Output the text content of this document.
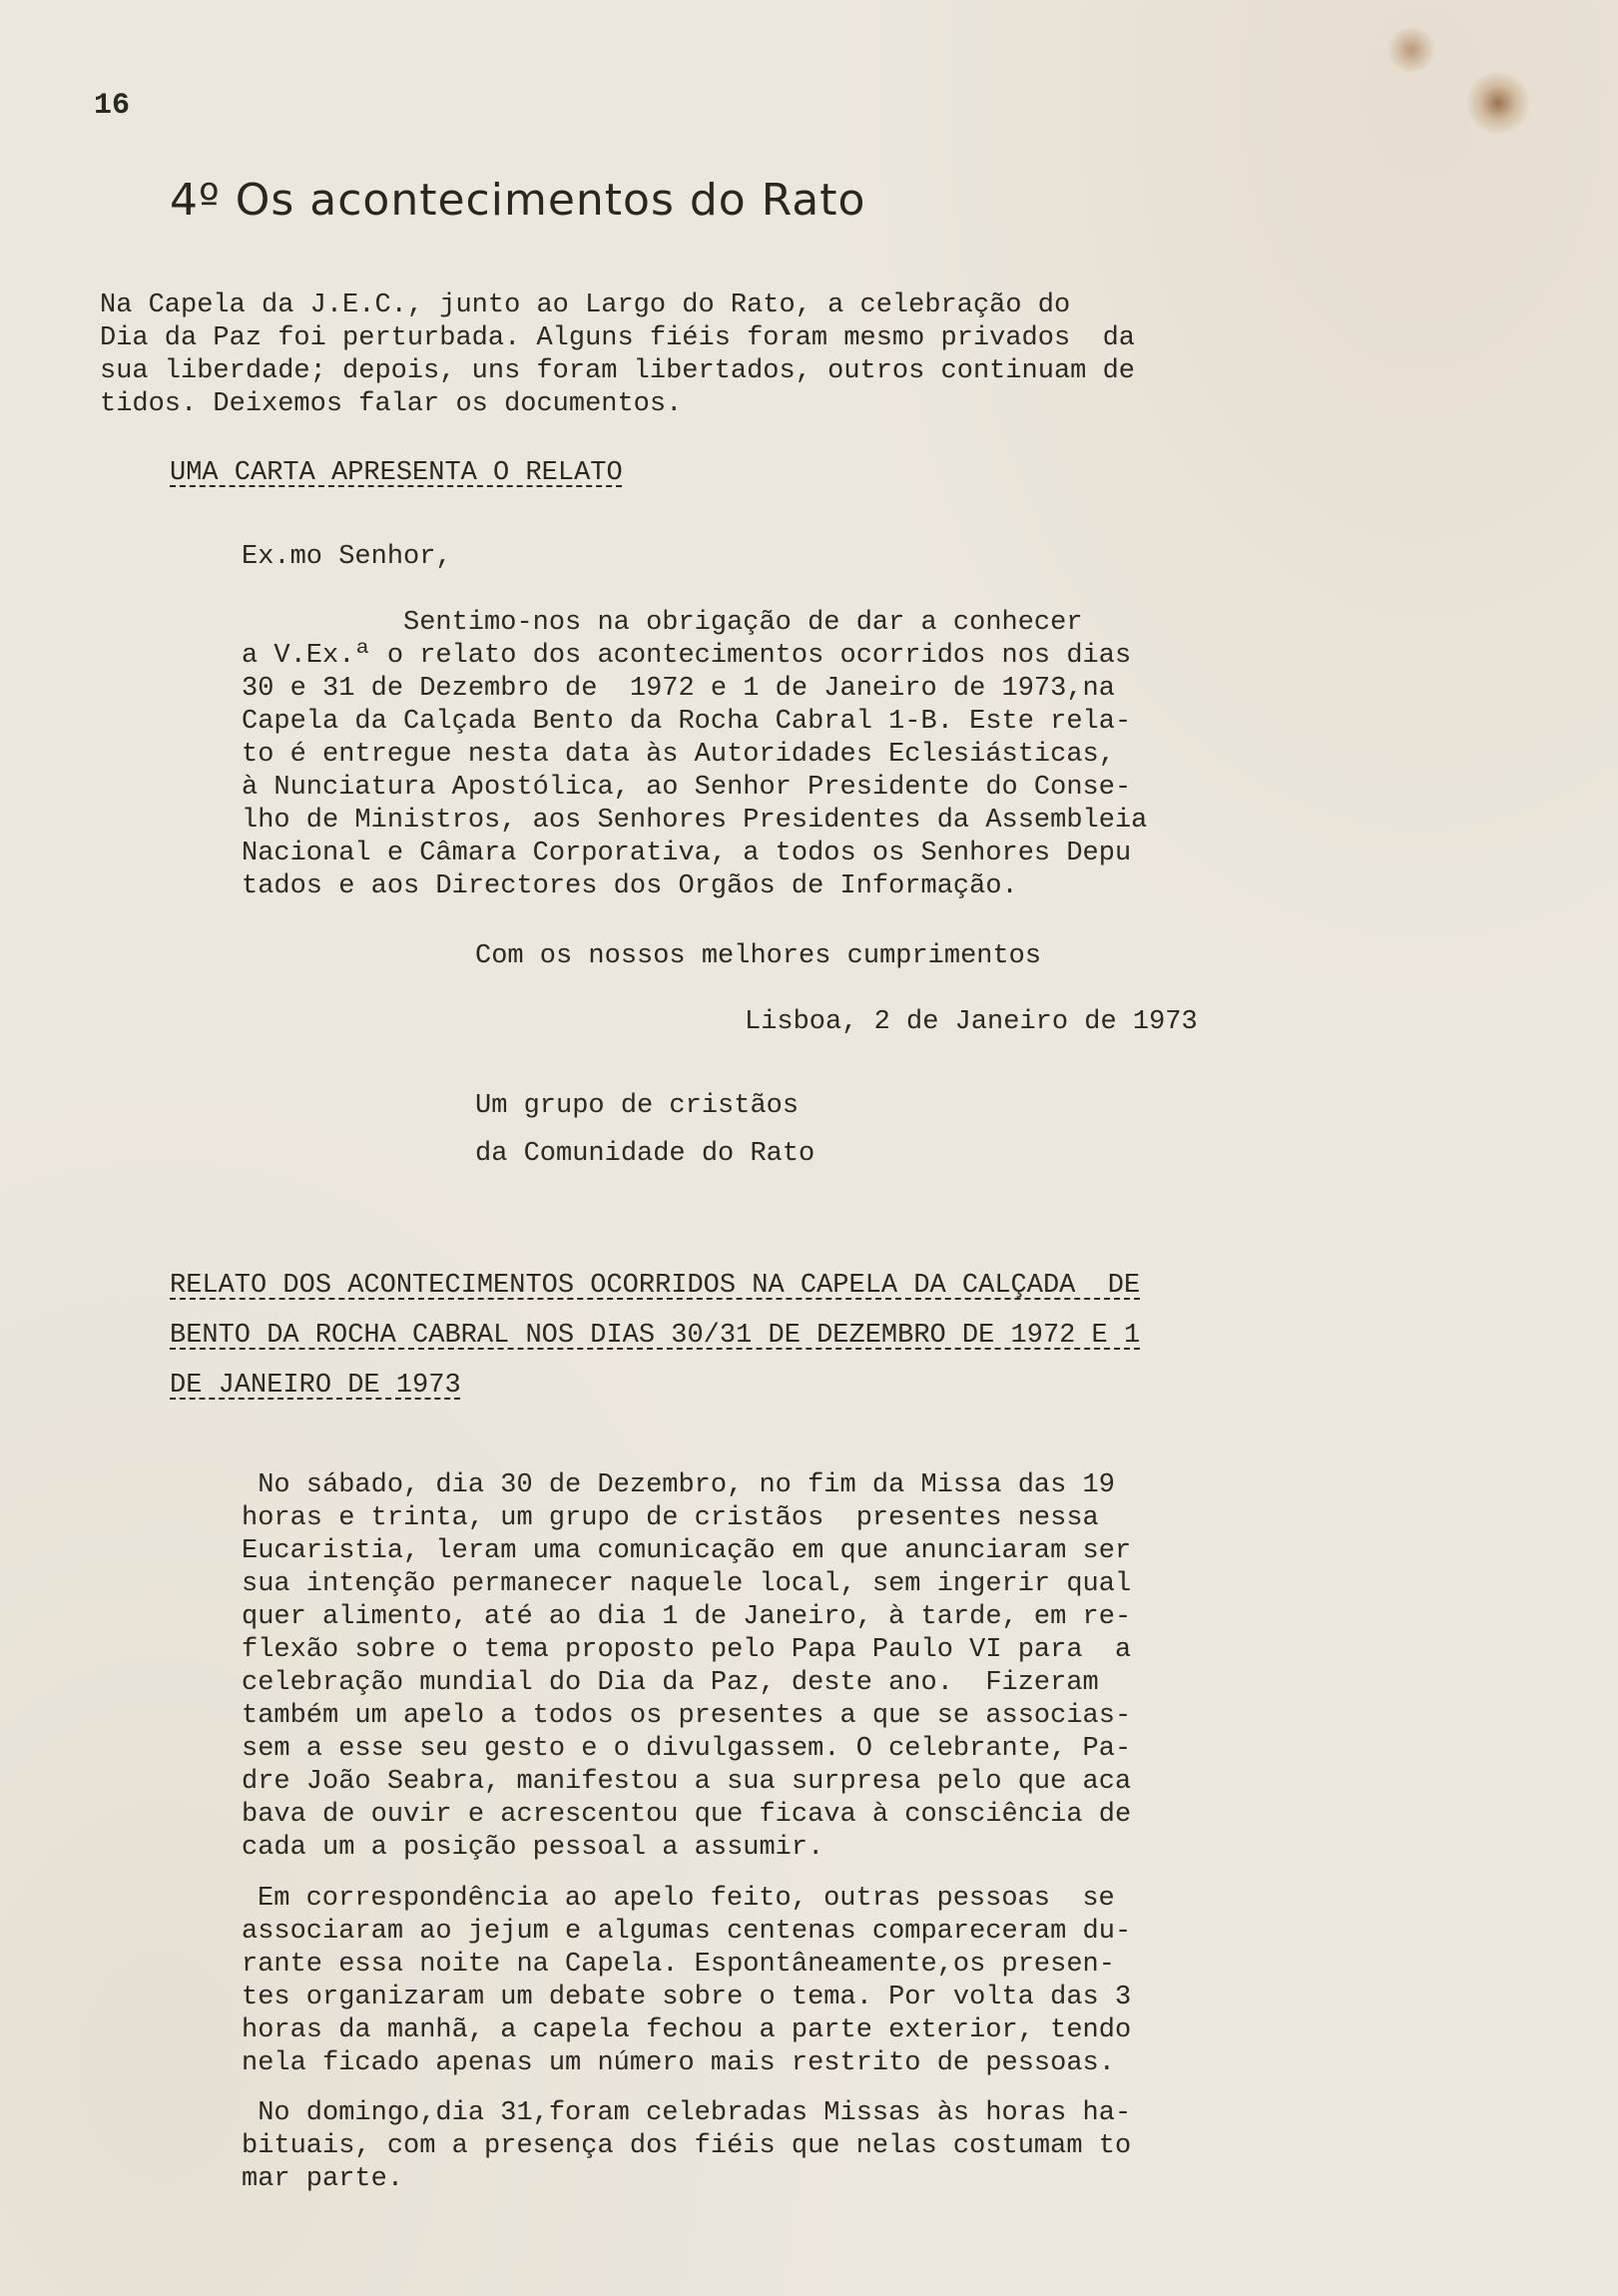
16
4º Os acontecimentos do Rato
Na Capela da J.E.C., junto ao Largo do Rato, a celebração do
Dia da Paz foi perturbada. Alguns fiéis foram mesmo privados  da
sua liberdade; depois, uns foram libertados, outros continuam de
tidos. Deixemos falar os documentos.
UMA CARTA APRESENTA O RELATO
Ex.mo Senhor,
Sentimo-nos na obrigação de dar a conhecer
a V.Ex.ª o relato dos acontecimentos ocorridos nos dias
30 e 31 de Dezembro de  1972 e 1 de Janeiro de 1973,na
Capela da Calçada Bento da Rocha Cabral 1-B. Este rela-
to é entregue nesta data às Autoridades Eclesiásticas,
à Nunciatura Apostólica, ao Senhor Presidente do Conse-
lho de Ministros, aos Senhores Presidentes da Assembleia
Nacional e Câmara Corporativa, a todos os Senhores Depu
tados e aos Directores dos Orgãos de Informação.
Com os nossos melhores cumprimentos
Lisboa, 2 de Janeiro de 1973
Um grupo de cristãos
da Comunidade do Rato
RELATO DOS ACONTECIMENTOS OCORRIDOS NA CAPELA DA CALÇADA  DE
BENTO DA ROCHA CABRAL NOS DIAS 30/31 DE DEZEMBRO DE 1972 E 1
DE JANEIRO DE 1973
No sábado, dia 30 de Dezembro, no fim da Missa das 19
horas e trinta, um grupo de cristãos  presentes nessa
Eucaristia, leram uma comunicação em que anunciaram ser
sua intenção permanecer naquele local, sem ingerir qual
quer alimento, até ao dia 1 de Janeiro, à tarde, em re-
flexão sobre o tema proposto pelo Papa Paulo VI para  a
celebração mundial do Dia da Paz, deste ano.  Fizeram
também um apelo a todos os presentes a que se associas-
sem a esse seu gesto e o divulgassem. O celebrante, Pa-
dre João Seabra, manifestou a sua surpresa pelo que aca
bava de ouvir e acrescentou que ficava à consciência de
cada um a posição pessoal a assumir.
Em correspondência ao apelo feito, outras pessoas  se
associaram ao jejum e algumas centenas compareceram du-
rante essa noite na Capela. Espontâneamente,os presen-
tes organizaram um debate sobre o tema. Por volta das 3
horas da manhã, a capela fechou a parte exterior, tendo
nela ficado apenas um número mais restrito de pessoas.
No domingo,dia 31,foram celebradas Missas às horas ha-
bituais, com a presença dos fiéis que nelas costumam to
mar parte.
